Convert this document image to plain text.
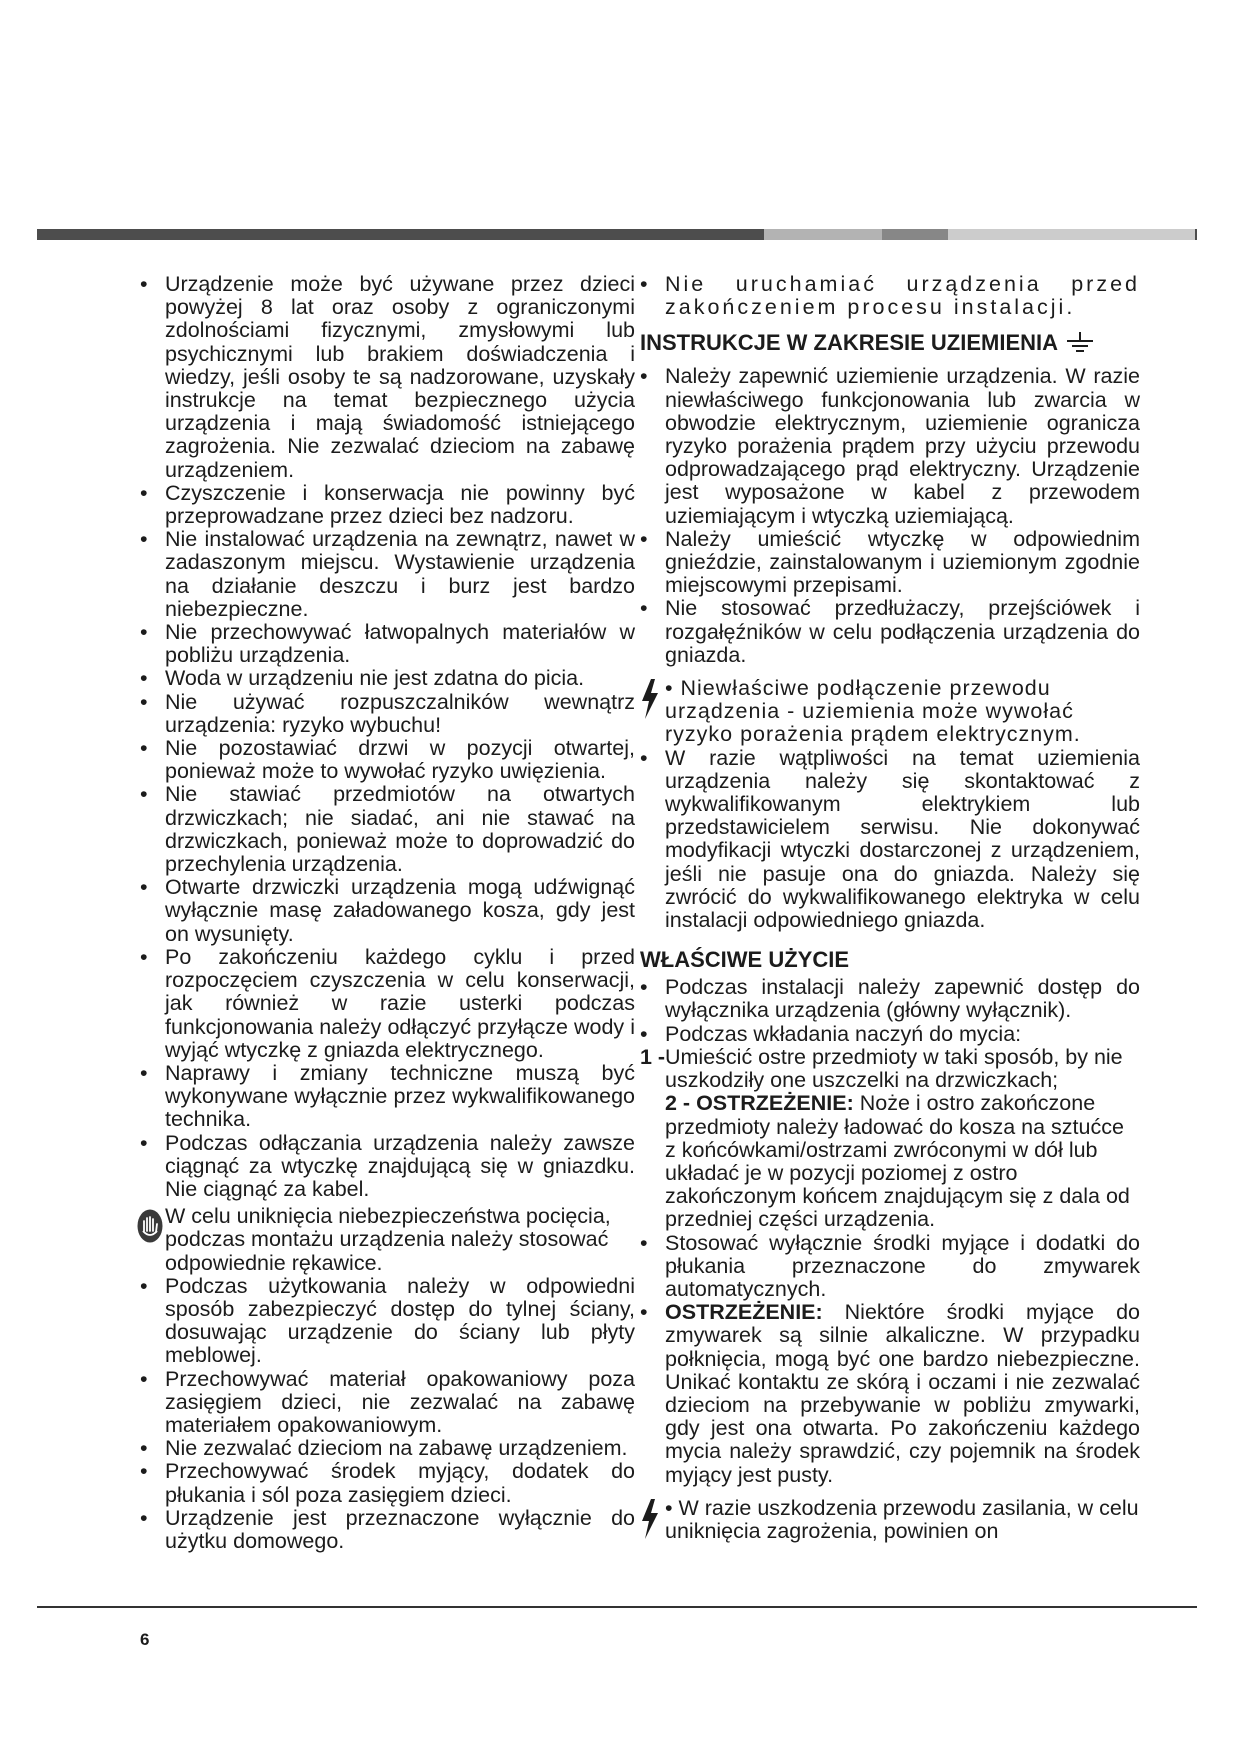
• Urządzenie może być używane przez dzieci powyżej 8 lat oraz osoby z ograniczonymi zdolnościami fizycznymi, zmysłowymi lub psychicznymi lub brakiem doświadczenia i wiedzy, jeśli osoby te są nadzorowane, uzyskały instrukcje na temat bezpiecznego użycia urządzenia i mają świadomość istniejącego zagrożenia. Nie zezwalać dzieciom na zabawę urządzeniem.
• Czyszczenie i konserwacja nie powinny być przeprowadzane przez dzieci bez nadzoru.
• Nie instalować urządzenia na zewnątrz, nawet w zadaszonym miejscu. Wystawienie urządzenia na działanie deszczu i burz jest bardzo niebezpieczne.
• Nie przechowywać łatwopalnych materiałów w pobliżu urządzenia.
• Woda w urządzeniu nie jest zdatna do picia.
• Nie używać rozpuszczalników wewnątrz urządzenia: ryzyko wybuchu!
• Nie pozostawiać drzwi w pozycji otwartej, ponieważ może to wywołać ryzyko uwięzienia.
• Nie stawiać przedmiotów na otwartych drzwiczkach; nie siadać, ani nie stawać na drzwiczkach, ponieważ może to doprowadzić do przechylenia urządzenia.
• Otwarte drzwiczki urządzenia mogą udźwignąć wyłącznie masę załadowanego kosza, gdy jest on wysunięty.
• Po zakończeniu każdego cyklu i przed rozpoczęciem czyszczenia w celu konserwacji, jak również w razie usterki podczas funkcjonowania należy odłączyć przyłącze wody i wyjąć wtyczkę z gniazda elektrycznego.
• Naprawy i zmiany techniczne muszą być wykonywane wyłącznie przez wykwalifikowanego technika.
• Podczas odłączania urządzenia należy zawsze ciągnąć za wtyczkę znajdującą się w gniazdku. Nie ciągnąć za kabel.
W celu uniknięcia niebezpieczeństwa pocięcia, podczas montażu urządzenia należy stosować odpowiednie rękawice.
• Podczas użytkowania należy w odpowiedni sposób zabezpieczyć dostęp do tylnej ściany, dosuwając urządzenie do ściany lub płyty meblowej.
• Przechowywać materiał opakowaniowy poza zasięgiem dzieci, nie zezwalać na zabawę materiałem opakowaniowym.
• Nie zezwalać dzieciom na zabawę urządzeniem.
• Przechowywać środek myjący, dodatek do płukania i sól poza zasięgiem dzieci.
• Urządzenie jest przeznaczone wyłącznie do użytku domowego.
• Nie uruchamiać urządzenia przed zakończeniem procesu instalacji.
INSTRUKCJE W ZAKRESIE UZIEMIENIA
• Należy zapewnić uziemienie urządzenia. W razie niewłaściwego funkcjonowania lub zwarcia w obwodzie elektrycznym, uziemienie ogranicza ryzyko porażenia prądem przy użyciu przewodu odprowadzającego prąd elektryczny. Urządzenie jest wyposażone w kabel z przewodem uziemiającym i wtyczką uziemiającą.
• Należy umieścić wtyczkę w odpowiednim gnieździe, zainstalowanym i uziemionym zgodnie miejscowymi przepisami.
• Nie stosować przedłużaczy, przejściówek i rozgałęźników w celu podłączenia urządzenia do gniazda.
• Niewłaściwe podłączenie przewodu urządzenia - uziemienia może wywołać ryzyko porażenia prądem elektrycznym.
• W razie wątpliwości na temat uziemienia urządzenia należy się skontaktować z wykwalifikowanym elektrykiem lub przedstawicielem serwisu. Nie dokonywać modyfikacji wtyczki dostarczonej z urządzeniem, jeśli nie pasuje ona do gniazda. Należy się zwrócić do wykwalifikowanego elektryka w celu instalacji odpowiedniego gniazda.
WŁAŚCIWE UŻYCIE
• Podczas instalacji należy zapewnić dostęp do wyłącznika urządzenia (główny wyłącznik).
• Podczas wkładania naczyń do mycia:
1 - Umieścić ostre przedmioty w taki sposób, by nie uszkodziły one uszczelki na drzwiczkach;
2 - OSTRZEŻENIE: Noże i ostro zakończone przedmioty należy ładować do kosza na sztućce z końcówkami/ostrzami zwróconymi w dół lub układać je w pozycji poziomej z ostro zakończonym końcem znajdującym się z dala od przedniej części urządzenia.
• Stosować wyłącznie środki myjące i dodatki do płukania przeznaczone do zmywarek automatycznych.
• OSTRZEŻENIE: Niektóre środki myjące do zmywarek są silnie alkaliczne. W przypadku połknięcia, mogą być one bardzo niebezpieczne. Unikać kontaktu ze skórą i oczami i nie zezwalać dzieciom na przebywanie w pobliżu zmywarki, gdy jest ona otwarta. Po zakończeniu każdego mycia należy sprawdzić, czy pojemnik na środek myjący jest pusty.
• W razie uszkodzenia przewodu zasilania, w celu uniknięcia zagrożenia, powinien on
6
